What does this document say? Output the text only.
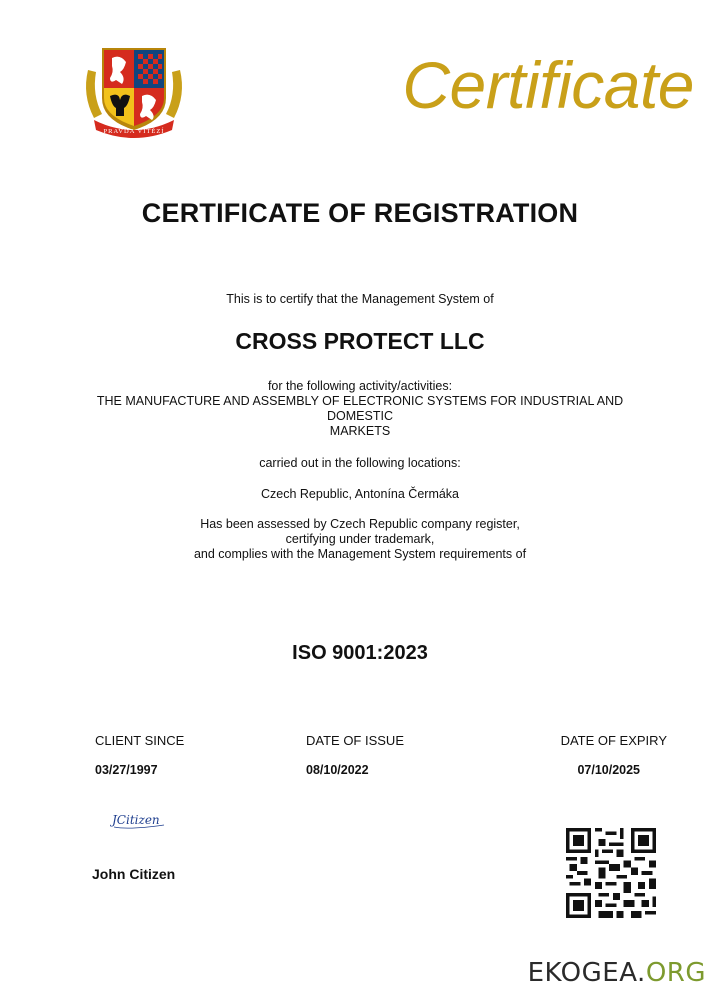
PRAVDA VÍTĚZÍ
Certificate
CERTIFICATE OF REGISTRATION
This is to certify that the Management System of
CROSS PROTECT LLC
for the following activity/activities:
THE MANUFACTURE AND ASSEMBLY OF ELECTRONIC SYSTEMS FOR INDUSTRIAL AND
DOMESTIC
MARKETS
carried out in the following locations:
Czech Republic, Antonína Čermáka
Has been assessed by Czech Republic company register,
certifying under trademark,
and complies with the Management System requirements of
ISO 9001:2023
CLIENT SINCE
03/27/1997
DATE OF ISSUE
08/10/2022
DATE OF EXPIRY
07/10/2025
JCitizen
John Citizen
EKOGEA.ORG
